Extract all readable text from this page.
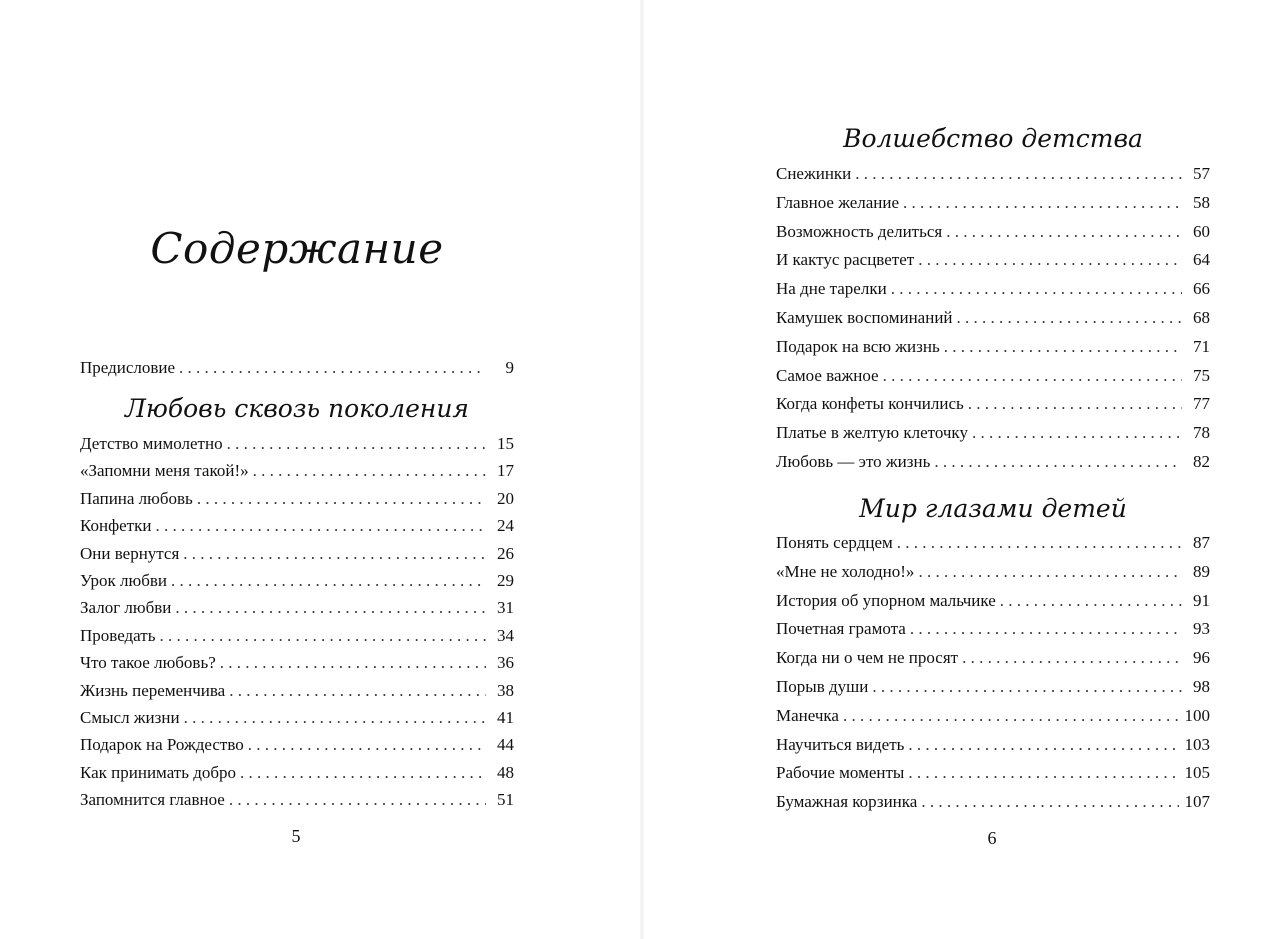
Содержание
Предисловие . . .	9
Любовь сквозь поколения
Детство мимолетно . . .	15
«Запомни меня такой!» . . .	17
Папина любовь . . .	20
Конфетки . . .	24
Они вернутся . . .	26
Урок любви . . .	29
Залог любви . . .	31
Проведать . . .	34
Что такое любовь? . . .	36
Жизнь переменчива . . .	38
Смысл жизни . . .	41
Подарок на Рождество . . .	44
Как принимать добро . . .	48
Запомнится главное . . .	51
5
Волшебство детства
Снежинки . . .	57
Главное желание . . .	58
Возможность делиться . . .	60
И кактус расцветет . . .	64
На дне тарелки . . .	66
Камушек воспоминаний . . .	68
Подарок на всю жизнь . . .	71
Самое важное . . .	75
Когда конфеты кончились . . .	77
Платье в желтую клеточку . . .	78
Любовь — это жизнь . . .	82
Мир глазами детей
Понять сердцем . . .	87
«Мне не холодно!» . . .	89
История об упорном мальчике . . .	91
Почетная грамота . . .	93
Когда ни о чем не просят . . .	96
Порыв души . . .	98
Манечка . . .	100
Научиться видеть . . .	103
Рабочие моменты . . .	105
Бумажная корзинка . . .	107
6
